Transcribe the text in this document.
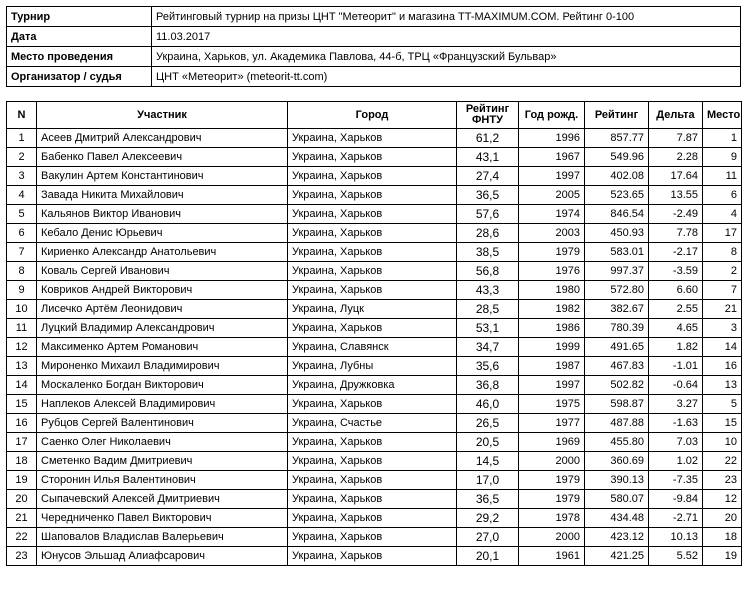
Турнир	Рейтинговый турнир на призы ЦНТ "Метеорит" и магазина TT-MAXIMUM.COM. Рейтинг 0-100
Дата	11.03.2017
Место проведения	Украина, Харьков, ул. Академика Павлова, 44-б, ТРЦ «Французский Бульвар»
Организатор / судья	ЦНТ «Метеорит» (meteorit-tt.com)
N	Участник	Город	Рейтинг ФНТУ	Год рожд.	Рейтинг	Дельта	Место
1	Асеев Дмитрий Александрович	Украина, Харьков	61,2	1996	857.77	7.87	1
2	Бабенко Павел Алексеевич	Украина, Харьков	43,1	1967	549.96	2.28	9
3	Вакулин Артем Константинович	Украина, Харьков	27,4	1997	402.08	17.64	11
4	Завада Никита Михайлович	Украина, Харьков	36,5	2005	523.65	13.55	6
5	Кальянов Виктор Иванович	Украина, Харьков	57,6	1974	846.54	-2.49	4
6	Кебало Денис Юрьевич	Украина, Харьков	28,6	2003	450.93	7.78	17
7	Кириенко Александр Анатольевич	Украина, Харьков	38,5	1979	583.01	-2.17	8
8	Коваль Сергей Иванович	Украина, Харьков	56,8	1976	997.37	-3.59	2
9	Ковриков Андрей Викторович	Украина, Харьков	43,3	1980	572.80	6.60	7
10	Лисечко Артём Леонидович	Украина, Луцк	28,5	1982	382.67	2.55	21
11	Луцкий Владимир Александрович	Украина, Харьков	53,1	1986	780.39	4.65	3
12	Максименко Артем Романович	Украина, Славянск	34,7	1999	491.65	1.82	14
13	Мироненко Михаил Владимирович	Украина, Лубны	35,6	1987	467.83	-1.01	16
14	Москаленко Богдан Викторович	Украина, Дружковка	36,8	1997	502.82	-0.64	13
15	Наплеков Алексей Владимирович	Украина, Харьков	46,0	1975	598.87	3.27	5
16	Рубцов Сергей Валентинович	Украина, Счастье	26,5	1977	487.88	-1.63	15
17	Саенко Олег Николаевич	Украина, Харьков	20,5	1969	455.80	7.03	10
18	Сметенко Вадим Дмитриевич	Украина, Харьков	14,5	2000	360.69	1.02	22
19	Сторонин Илья Валентинович	Украина, Харьков	17,0	1979	390.13	-7.35	23
20	Сыпачевский Алексей Дмитриевич	Украина, Харьков	36,5	1979	580.07	-9.84	12
21	Чередниченко Павел Викторович	Украина, Харьков	29,2	1978	434.48	-2.71	20
22	Шаповалов Владислав Валерьевич	Украина, Харьков	27,0	2000	423.12	10.13	18
23	Юнусов Эльшад Алиафсарович	Украина, Харьков	20,1	1961	421.25	5.52	19
